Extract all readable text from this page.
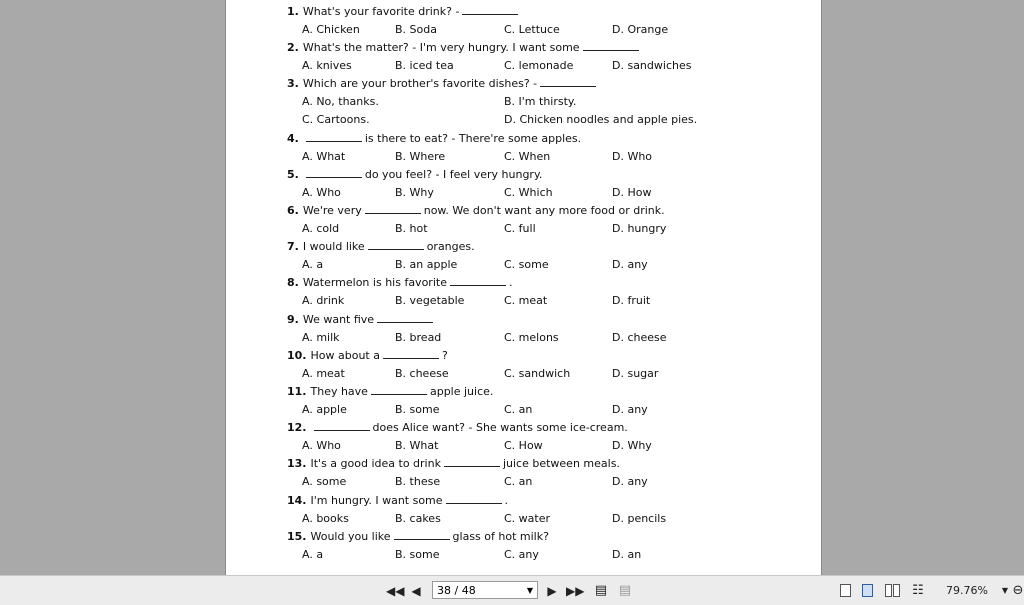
1. What's your favorite drink? -
A. Chicken	B. Soda	C. Lettuce	D. Orange
2. What's the matter? - I'm very hungry. I want some
A. knives	B. iced tea	C. lemonade	D. sandwiches
3. Which are your brother's favorite dishes? -
A. No, thanks.	B. I'm thirsty.
C. Cartoons.	D. Chicken noodles and apple pies.
4.	is there to eat? - There're some apples.
A. What	B. Where	C. When	D. Who
5.	do you feel? - I feel very hungry.
A. Who	B. Why	C. Which	D. How
6. We're very	now. We don't want any more food or drink.
A. cold	B. hot	C. full	D. hungry
7. I would like	oranges.
A. a	B. an apple	C. some	D. any
8. Watermelon is his favorite	.
A. drink	B. vegetable	C. meat	D. fruit
9. We want five
A. milk	B. bread	C. melons	D. cheese
10. How about a	?
A. meat	B. cheese	C. sandwich	D. sugar
11. They have	apple juice.
A. apple	B. some	C. an	D. any
12.	does Alice want? - She wants some ice-cream.
A. Who	B. What	C. How	D. Why
13. It's a good idea to drink	juice between meals.
A. some	B. these	C. an	D. any
14. I'm hungry. I want some	.
A. books	B. cakes	C. water	D. pencils
15. Would you like	glass of hot milk?
A. a	B. some	C. any	D. an
◀◀ ◀	38 / 48	▼ ▶ ▶▶ ▤ ▤	☷ 79.76% ▼ ⊖
